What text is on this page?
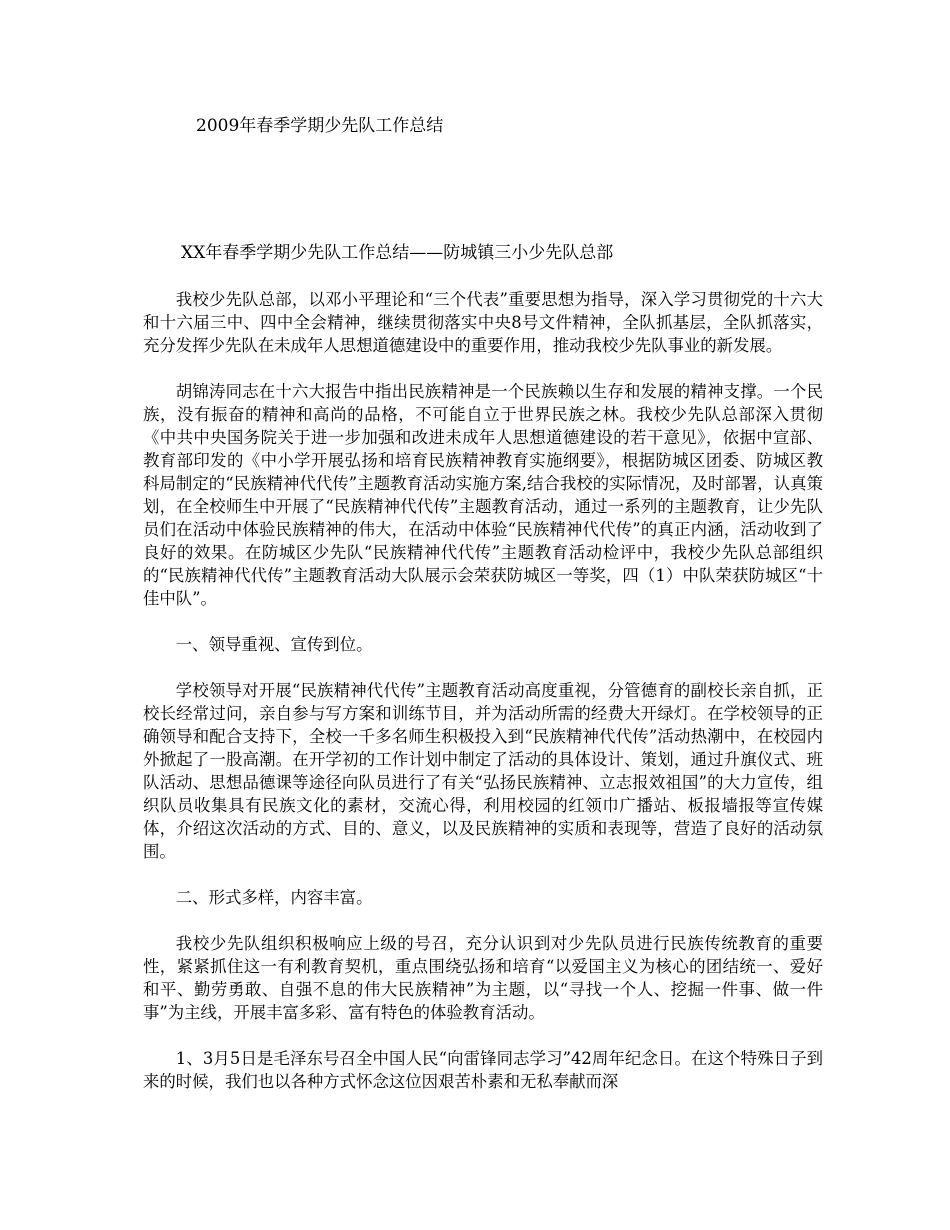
2009年春季学期少先队工作总结
XX年春季学期少先队工作总结——防城镇三小少先队总部

我校少先队总部，以邓小平理论和“三个代表”重要思想为指导，深入学习贯彻党的十六大和十六届三中、四中全会精神，继续贯彻落实中央8号文件精神，全队抓基层，全队抓落实，充分发挥少先队在未成年人思想道德建设中的重要作用，推动我校少先队事业的新发展。

胡锦涛同志在十六大报告中指出民族精神是一个民族赖以生存和发展的精神支撑。一个民族，没有振奋的精神和高尚的品格，不可能自立于世界民族之林。我校少先队总部深入贯彻《中共中央国务院关于进一步加强和改进未成年人思想道德建设的若干意见》，依据中宣部、教育部印发的《中小学开展弘扬和培育民族精神教育实施纲要》，根据防城区团委、防城区教科局制定的“民族精神代代传”主题教育活动实施方案,结合我校的实际情况，及时部署，认真策划，在全校师生中开展了“民族精神代代传”主题教育活动，通过一系列的主题教育，让少先队员们在活动中体验民族精神的伟大，在活动中体验“民族精神代代传”的真正内涵，活动收到了良好的效果。在防城区少先队“民族精神代代传”主题教育活动检评中，我校少先队总部组织的“民族精神代代传”主题教育活动大队展示会荣获防城区一等奖，四（1）中队荣获防城区“十佳中队”。

一、领导重视、宣传到位。

学校领导对开展“民族精神代代传”主题教育活动高度重视，分管德育的副校长亲自抓，正校长经常过问，亲自参与写方案和训练节目，并为活动所需的经费大开绿灯。在学校领导的正确领导和配合支持下，全校一千多名师生积极投入到“民族精神代代传”活动热潮中，在校园内外掀起了一股高潮。在开学初的工作计划中制定了活动的具体设计、策划，通过升旗仪式、班队活动、思想品德课等途径向队员进行了有关“弘扬民族精神、立志报效祖国”的大力宣传，组织队员收集具有民族文化的素材，交流心得，利用校园的红领巾广播站、板报墙报等宣传媒体，介绍这次活动的方式、目的、意义，以及民族精神的实质和表现等，营造了良好的活动氛围。

二、形式多样，内容丰富。

我校少先队组织积极响应上级的号召，充分认识到对少先队员进行民族传统教育的重要性，紧紧抓住这一有利教育契机，重点围绕弘扬和培育“以爱国主义为核心的团结统一、爱好和平、勤劳勇敢、自强不息的伟大民族精神”为主题，以“寻找一个人、挖掘一件事、做一件事”为主线，开展丰富多彩、富有特色的体验教育活动。

1、3月5日是毛泽东号召全中国人民“向雷锋同志学习”42周年纪念日。在这个特殊日子到来的时候，我们也以各种方式怀念这位因艰苦朴素和无私奉献而深
